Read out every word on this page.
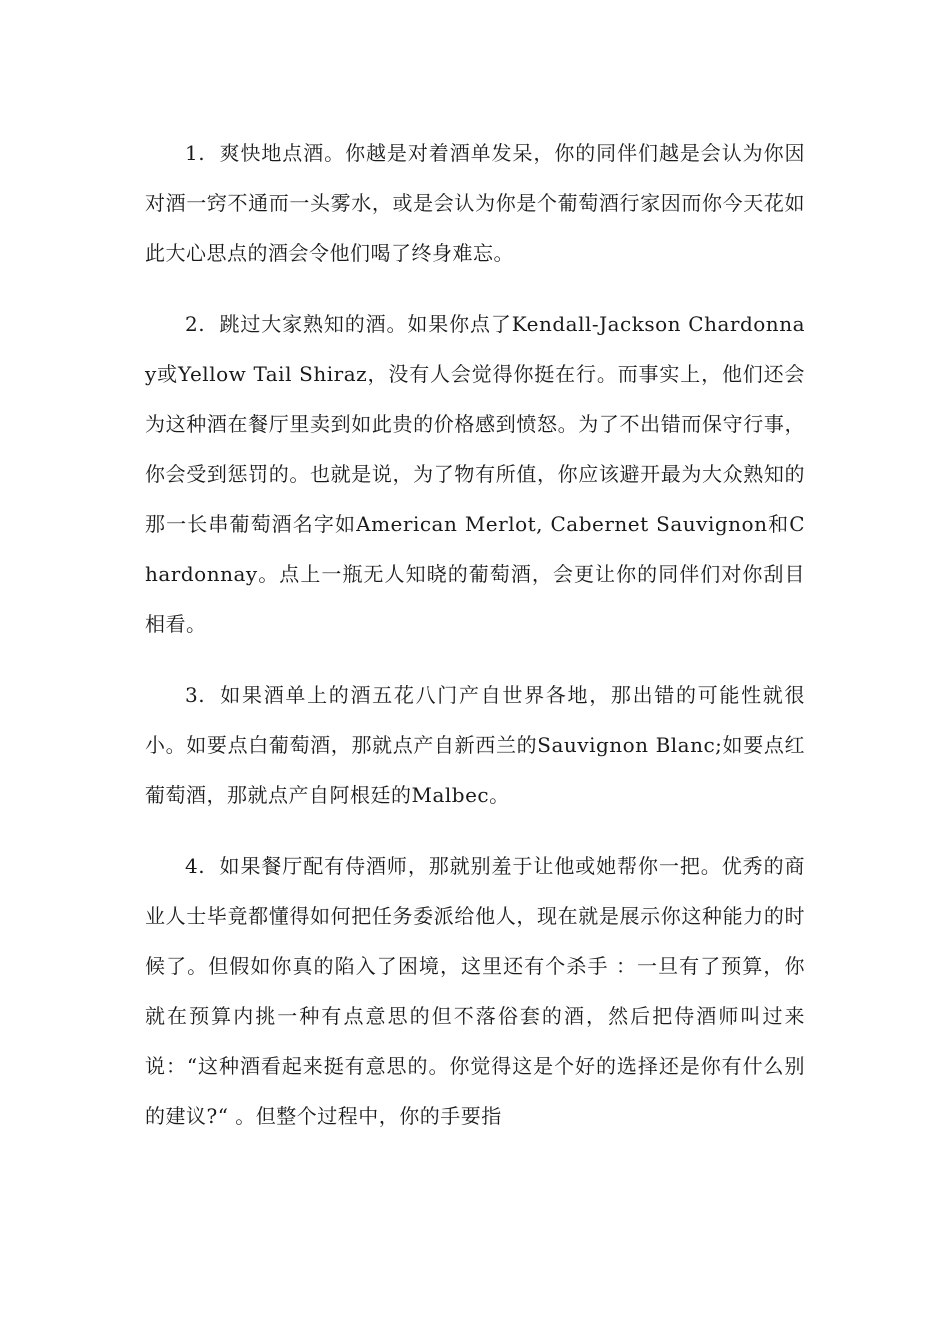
1. 爽快地点酒。你越是对着酒单发呆，你的同伴们越是会认为你因对酒一窍不通而一头雾水，或是会认为你是个葡萄酒行家因而你今天花如此大心思点的酒会令他们喝了终身难忘。

2. 跳过大家熟知的酒。如果你点了Kendall-Jackson Chardonnay或Yellow Tail Shiraz，没有人会觉得你挺在行。而事实上，他们还会为这种酒在餐厅里卖到如此贵的价格感到愤怒。为了不出错而保守行事，你会受到惩罚的。也就是说，为了物有所值，你应该避开最为大众熟知的那一长串葡萄酒名字如American Merlot, Cabernet Sauvignon和Chardonnay。点上一瓶无人知晓的葡萄酒，会更让你的同伴们对你刮目相看。

3. 如果酒单上的酒五花八门产自世界各地，那出错的可能性就很小。如要点白葡萄酒，那就点产自新西兰的Sauvignon Blanc;如要点红葡萄酒，那就点产自阿根廷的Malbec。

4. 如果餐厅配有侍酒师，那就别羞于让他或她帮你一把。优秀的商业人士毕竟都懂得如何把任务委派给他人，现在就是展示你这种能力的时候了。但假如你真的陷入了困境，这里还有个杀手 ：一旦有了预算，你就在预算内挑一种有点意思的但不落俗套的酒，然后把侍酒师叫过来说：“这种酒看起来挺有意思的。你觉得这是个好的选择还是你有什么别的建议?“ 。但整个过程中，你的手要指
